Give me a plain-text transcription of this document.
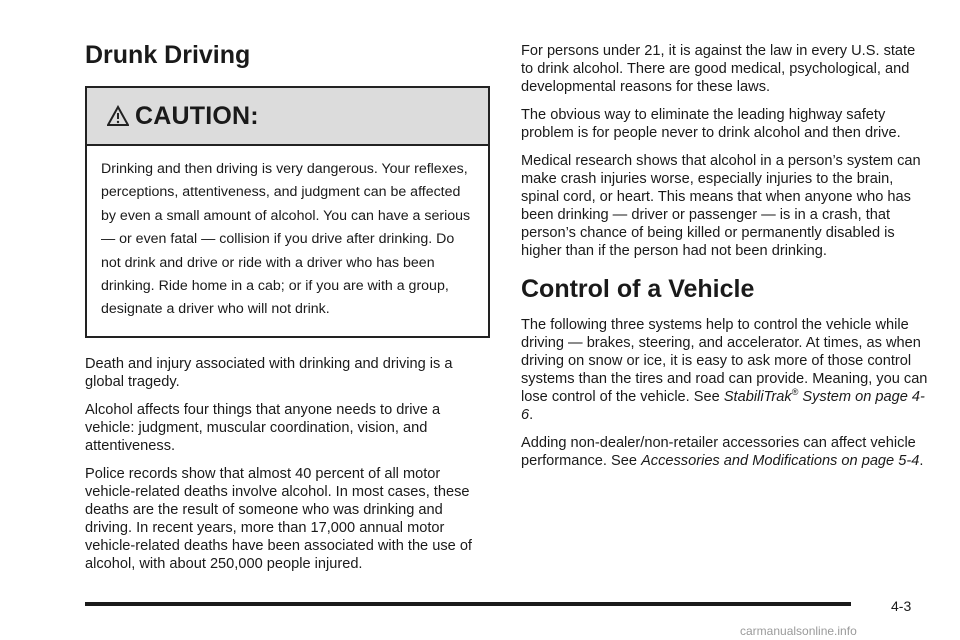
Drunk Driving
CAUTION:
Drinking and then driving is very dangerous. Your reflexes, perceptions, attentiveness, and judgment can be affected by even a small amount of alcohol. You can have a serious — or even fatal — collision if you drive after drinking. Do not drink and drive or ride with a driver who has been drinking. Ride home in a cab; or if you are with a group, designate a driver who will not drink.

Death and injury associated with drinking and driving is a global tragedy.

Alcohol affects four things that anyone needs to drive a vehicle: judgment, muscular coordination, vision, and attentiveness.

Police records show that almost 40 percent of all motor vehicle-related deaths involve alcohol. In most cases, these deaths are the result of someone who was drinking and driving. In recent years, more than 17,000 annual motor vehicle-related deaths have been associated with the use of alcohol, with about 250,000 people injured.

For persons under 21, it is against the law in every U.S. state to drink alcohol. There are good medical, psychological, and developmental reasons for these laws.

The obvious way to eliminate the leading highway safety problem is for people never to drink alcohol and then drive.

Medical research shows that alcohol in a person’s system can make crash injuries worse, especially injuries to the brain, spinal cord, or heart. This means that when anyone who has been drinking — driver or passenger — is in a crash, that person’s chance of being killed or permanently disabled is higher than if the person had not been drinking.

Control of a Vehicle

The following three systems help to control the vehicle while driving — brakes, steering, and accelerator. At times, as when driving on snow or ice, it is easy to ask more of those control systems than the tires and road can provide. Meaning, you can lose control of the vehicle. See StabiliTrak® System on page 4-6.

Adding non-dealer/non-retailer accessories can affect vehicle performance. See Accessories and Modifications on page 5-4.

4-3
carmanualsonline.info
